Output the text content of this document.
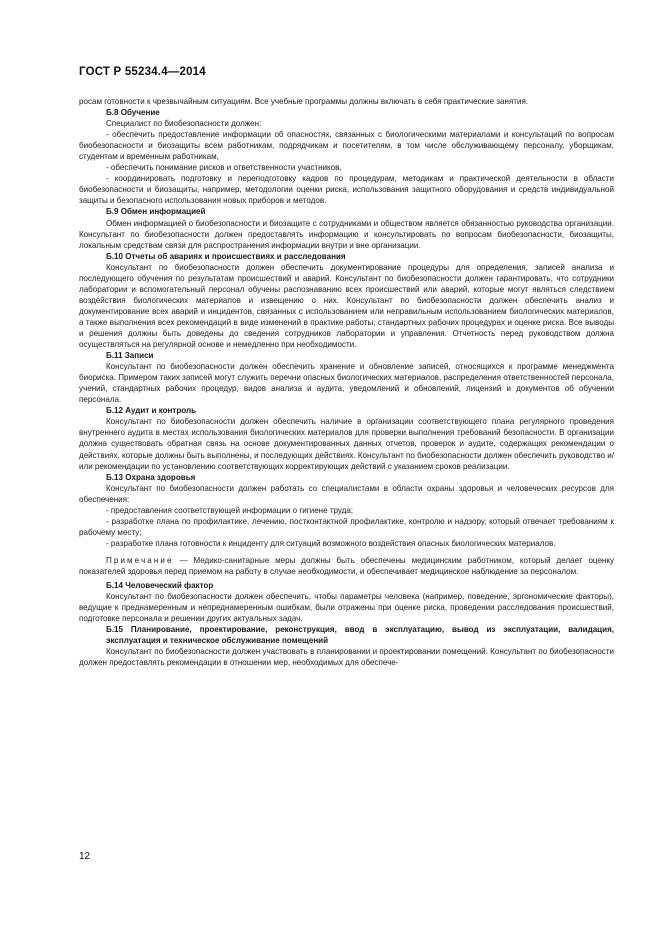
ГОСТ Р 55234.4—2014

росам готовности к чрезвычайным ситуациям. Все учебные программы должны включать в себя практические занятия.

Б.8 Обучение

Специалист по биобезопасности должен:

- обеспечить предоставление информации об опасностях, связанных с биологическими материалами и консультаций по вопросам биобезопасности и биозащиты всем работникам, подрядчикам и посетителям, в том числе обслуживающему персоналу, уборщикам, студентам и временным работникам,

- обеспечить понимание рисков и ответственности участников,

- координировать подготовку и переподготовку кадров по процедурам, методикам и практической деятельности в области биобезопасности и биозащиты, например, методологии оценки риска, использования защитного оборудования и средств индивидуальной защиты и безопасного использования новых приборов и методов.

Б.9 Обмен информацией

Обмен информацией о биобезопасности и биозащите с сотрудниками и обществом является обязанностью руководства организации. Консультант по биобезопасности должен предоставлять информацию и консультировать по вопросам биобезопасности, биозащиты, локальным средствам связи для распространения информации внутри и вне организации.

Б.10 Отчеты об авариях и происшествиях и расследования

Консультант по биобезопасности должен обеспечить документирование процедуры для определения, записей анализа и последующего обучения по результатам происшествий и аварий. Консультант по биобезопасности должен гарантировать, что сотрудники лаборатории и вспомогательный персонал обучены распознаванию всех происшествий или аварий, которые могут являться следствием воздействия биологических материалов и извещению о них. Консультант по биобезопасности должен обеспечить анализ и документирование всех аварий и инцидентов, связанных с использованием или неправильным использованием биологических материалов, а также выполнения всех рекомендаций в виде изменений в практике работы, стандартных рабочих процедурах и оценке риска. Все выводы и решения должны быть доведены до сведения сотрудников лаборатории и управления. Отчетность перед руководством должна осуществляться на регулярной основе и немедленно при необходимости.

Б.11 Записи

Консультант по биобезопасности должен обеспечить хранение и обновление записей, относящихся к программе менеджмента биориска. Примером таких записей могут служить перечни опасных биологических материалов, распределения ответственностей персонала, учений, стандартных рабочих процедур, видов анализа и аудита, уведомлений и обновлений, лицензий и документов об обучении персонала.

Б.12 Аудит и контроль

Консультант по биобезопасности должен обеспечить наличие в организации соответствующего плана регулярного проведения внутреннего аудита в местах использования биологических материалов для проверки выполнения требований безопасности. В организации должна существовать обратная связь на основе документированных данных отчетов, проверок и аудите, содержащих рекомендации о действиях, которые должны быть выполнены, и последующих действиях. Консультант по биобезопасности должен обеспечить руководство и/или рекомендации по установлению соответствующих корректирующих действий с указанием сроков реализации.

Б.13 Охрана здоровья

Консультант по биобезопасности должен работать со специалистами в области охраны здоровья и человеческих ресурсов для обеспечения:

- предоставления соответствующей информации о гигиене труда;

- разработке плана по профилактике, лечению, постконтактной профилактике, контролю и надзору, который отвечает требованиям к рабочему месту;

- разработке плана готовности к инциденту для ситуаций возможного воздействия опасных биологических материалов.

Примечание — Медико-санитарные меры должны быть обеспечены медицинским работником, который делает оценку показателей здоровья перед приемом на работу в случае необходимости, и обеспечивает медицинское наблюдение за персоналом.

Б.14 Человеческий фактор

Консультант по биобезопасности должен обеспечить, чтобы параметры человека (например, поведение, эргономические факторы), ведущие к преднамеренным и непреднамеренным ошибкам, были отражены при оценке риска, проведении расследования происшествий, подготовке персонала и решении других актуальных задач.

Б.15 Планирование, проектирование, реконструкция, ввод в эксплуатацию, вывод из эксплуатации, валидация, эксплуатация и техническое обслуживание помещений

Консультант по биобезопасности должен участвовать в планировании и проектировании помещений. Консультант по биобезопасности должен предоставлять рекомендации в отношении мер, необходимых для обеспече-

12
